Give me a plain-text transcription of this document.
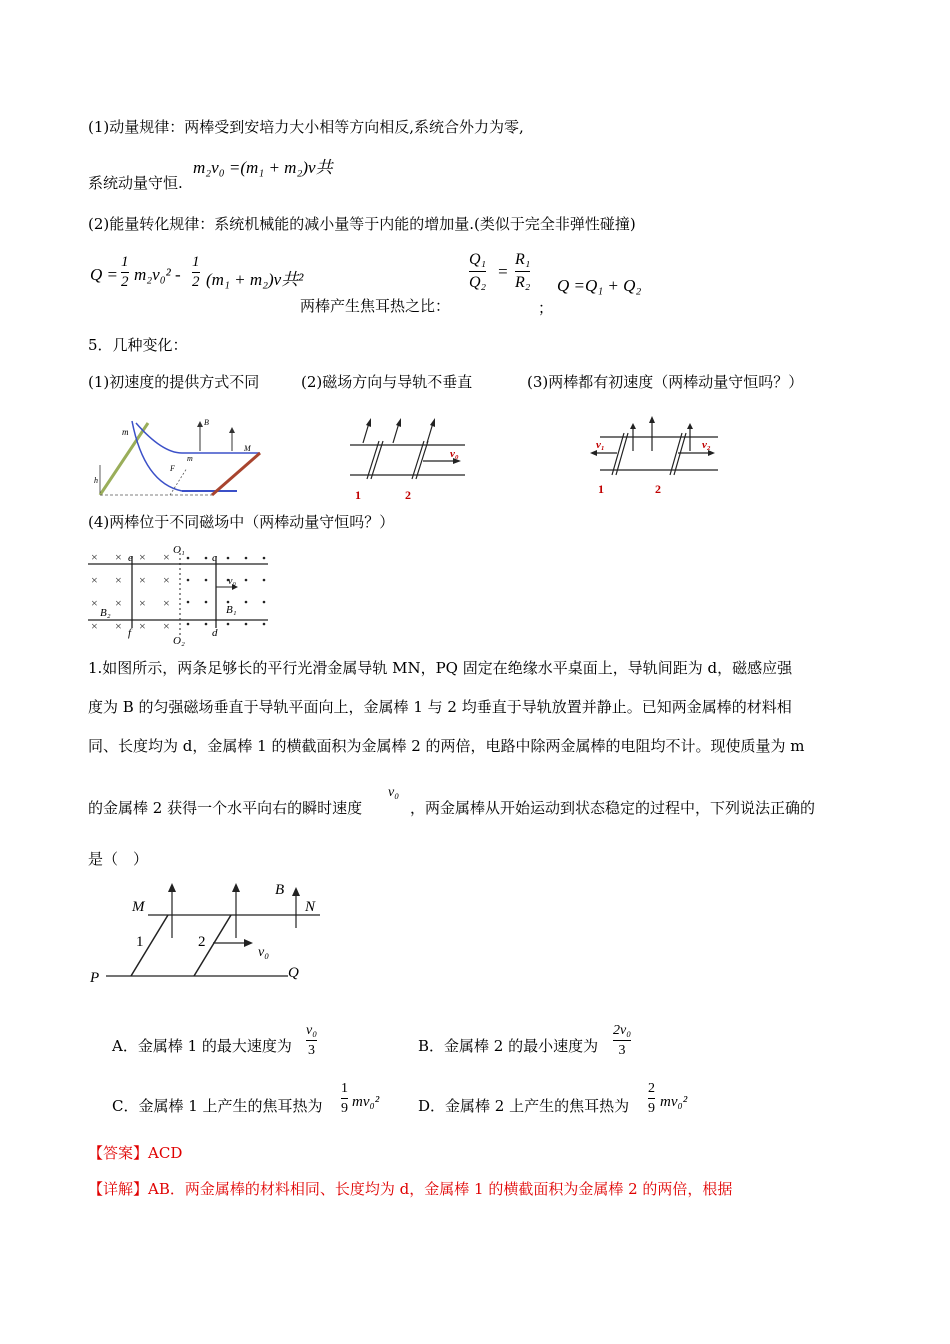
(1)动量规律：两棒受到安培力大小相等方向相反,系统合外力为零,
m₂v₀ =(m₁ + m₂)v共
系统动量守恒.
(2)能量转化规律：系统机械能的减小量等于内能的增加量.(类似于完全非弹性碰撞)
Q =
1
2 m₂v₀² -
1
2 (m₁ + m₂)v共²
两棒产生焦耳热之比：
Q₁
Q₂
=
R₁
R₂
；
Q =Q₁ + Q₂
5．几种变化：
(1)初速度的提供方式不同	(2)磁场方向与导轨不垂直	(3)两棒都有初速度（两棒动量守恒吗？）
m
B
M
m
F
h
v₀
1	2
v₁	v₂
1	2
(4)两棒位于不同磁场中（两棒动量守恒吗？）
× × × ×
× × × ×
× × × ×
× × × ×
e
f
c
d
O₁
O₂
B₁
B₂
v₀
1.如图所示，两条足够长的平行光滑金属导轨 MN，PQ 固定在绝缘水平桌面上，导轨间距为 d，磁感应强
度为 B 的匀强磁场垂直于导轨平面向上，金属棒 1 与 2 均垂直于导轨放置并静止。已知两金属棒的材料相
同、长度均为 d，金属棒 1 的横截面积为金属棒 2 的两倍，电路中除两金属棒的电阻均不计。现使质量为 m
的金属棒 2 获得一个水平向右的瞬时速度
v₀
，两金属棒从开始运动到状态稳定的过程中，下列说法正确的
是（　）
M	N
P	Q
B
1	2
v₀
A．金属棒 1 的最大速度为
v₀
3	B．金属棒 2 的最小速度为
2v₀
3
C．金属棒 1 上产生的焦耳热为
1
9 mv₀²	D．金属棒 2 上产生的焦耳热为
2
9 mv₀²
【答案】ACD
【详解】AB．两金属棒的材料相同、长度均为 d，金属棒 1 的横截面积为金属棒 2 的两倍，根据
